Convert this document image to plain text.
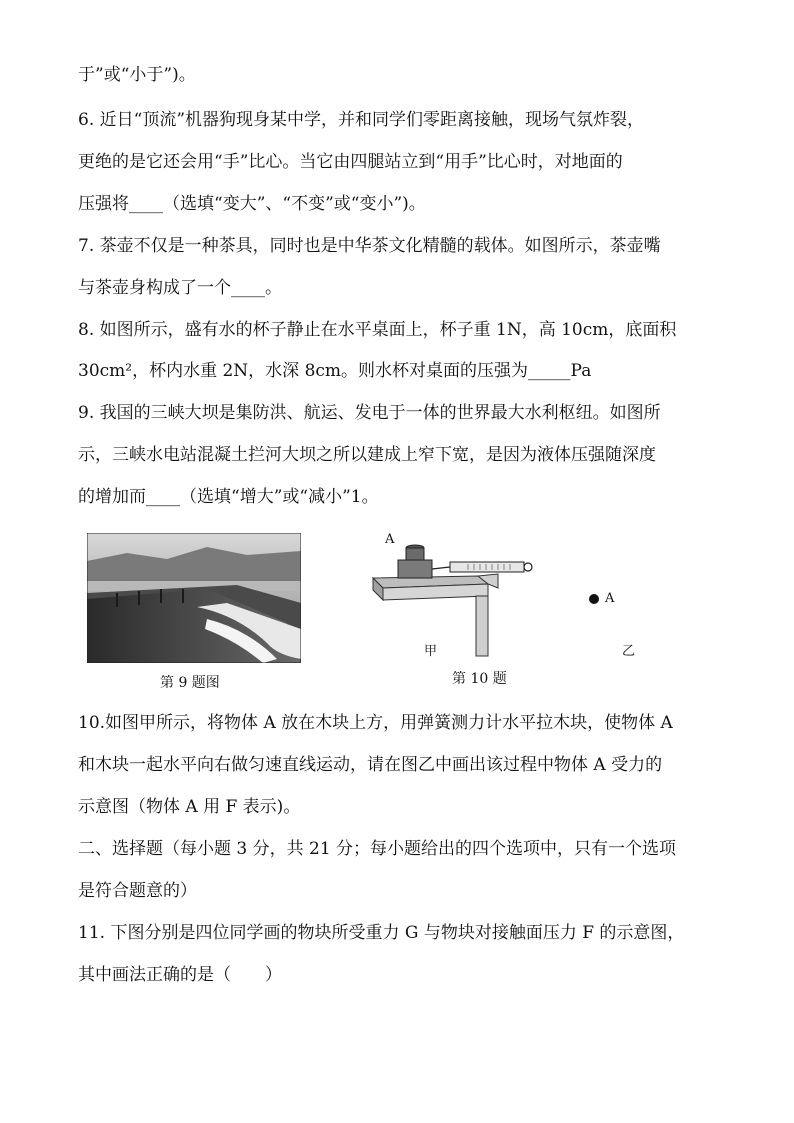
于”或“小于”)。
6. 近日“顶流”机器狗现身某中学，并和同学们零距离接触，现场气氛炸裂，
更绝的是它还会用“手”比心。当它由四腿站立到“用手”比心时，对地面的
压强将____（选填“变大”、“不变”或“变小”)。
7. 茶壶不仅是一种茶具，同时也是中华茶文化精髓的载体。如图所示，茶壶嘴
与茶壶身构成了一个____。
8. 如图所示，盛有水的杯子静止在水平桌面上，杯子重 1N，高 10cm，底面积
30cm²，杯内水重 2N，水深 8cm。则水杯对桌面的压强为_____Pa
9. 我国的三峡大坝是集防洪、航运、发电于一体的世界最大水利枢纽。如图所
示，三峡水电站混凝土拦河大坝之所以建成上窄下宽，是因为液体压强随深度
的增加而____（选填“增大”或“减小”1。
第 9 题图
A
甲	乙
A
第 10 题
10.如图甲所示，将物体 A 放在木块上方，用弹簧测力计水平拉木块，使物体 A
和木块一起水平向右做匀速直线运动，请在图乙中画出该过程中物体 A 受力的
示意图（物体 A 用 F 表示)。
二、选择题（每小题 3 分，共 21 分；每小题给出的四个选项中，只有一个选项
是符合题意的）
11. 下图分别是四位同学画的物块所受重力 G 与物块对接触面压力 F 的示意图，
其中画法正确的是（　　）
